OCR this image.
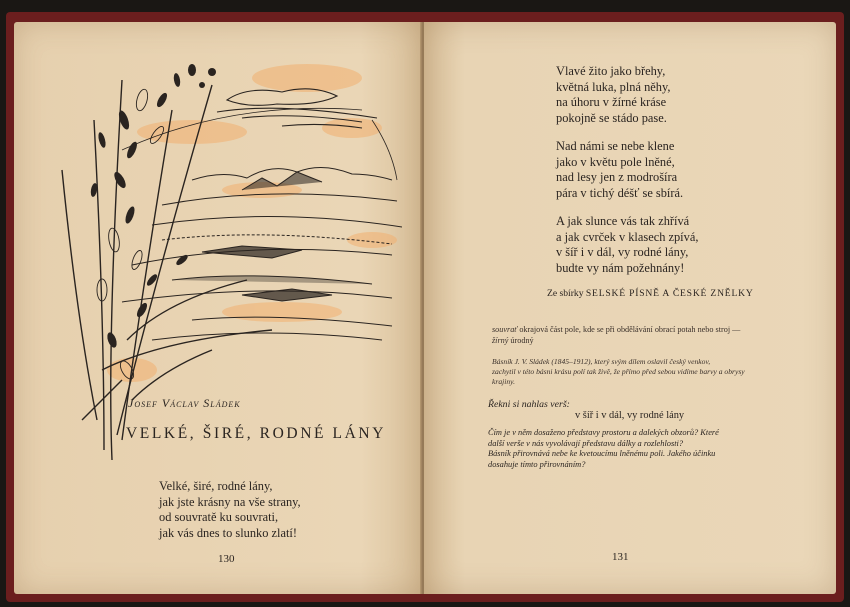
Josef Václav Sládek
VELKÉ, ŠIRÉ, RODNÉ LÁNY
Velké, širé, rodné lány,
jak jste krásny na vše strany,
od souvratě ku souvrati,
jak vás dnes to slunko zlatí!
130
Vlavé žito jako břehy,
květná luka, plná něhy,
na úhoru v žírné kráse
pokojně se stádo pase.
Nad námi se nebe klene
jako v květu pole lněné,
nad lesy jen z modrošíra
pára v tichý déšť se sbírá.
A jak slunce vás tak zhřívá
a jak cvrček v klasech zpívá,
v šíř i v dál, vy rodné lány,
budte vy nám požehnány!
Ze sbírky SELSKÉ PÍSNĚ A ČESKÉ ZNĚLKY
souvrať okrajová část pole, kde se při obdělávání obrací potah nebo stroj —
žírný úrodný
Básník J. V. Sládek (1845–1912), který svým dílem oslavil český venkov,
zachytil v této básni krásu polí tak živě, že přímo před sebou vidíme barvy a obrysy
krajiny.
Řekni si nahlas verš:
v šíř i v dál, vy rodné lány
Čím je v něm dosaženo představy prostoru a dalekých obzorů? Které
další verše v nás vyvolávají představu dálky a rozlehlosti?
Básník přirovnává nebe ke kvetoucímu lněnému poli. Jakého účinku
dosahuje tímto přirovnáním?
131
